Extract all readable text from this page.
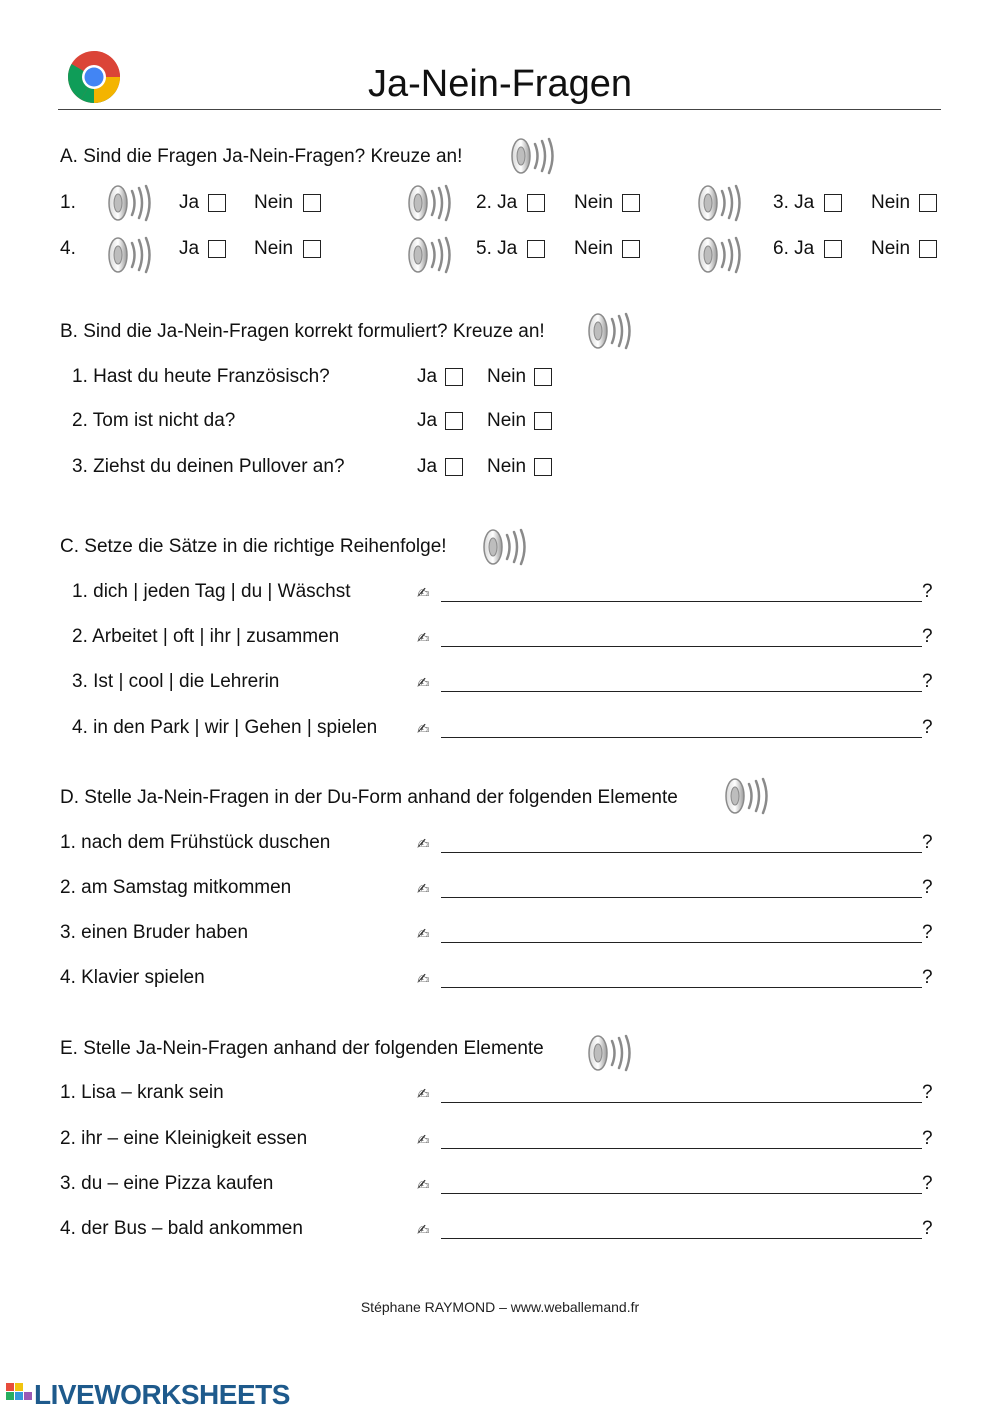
Ja-Nein-Fragen
A. Sind die Fragen Ja-Nein-Fragen? Kreuze an!
1.	Ja	Nein	2. Ja	Nein	3. Ja	Nein
4.	Ja	Nein	5. Ja	Nein	6. Ja	Nein
B. Sind die Ja-Nein-Fragen korrekt formuliert? Kreuze an!
1. Hast du heute Französisch?	Ja	Nein
2. Tom ist nicht da?	Ja	Nein
3. Ziehst du deinen Pullover an?	Ja	Nein
C. Setze die Sätze in die richtige Reihenfolge!
1. dich | jeden Tag | du | Wäschst	✍	?
2. Arbeitet | oft | ihr | zusammen	✍	?
3. Ist | cool | die Lehrerin	✍	?
4. in den Park | wir | Gehen | spielen	✍	?
D. Stelle Ja-Nein-Fragen in der Du-Form anhand der folgenden Elemente
1. nach dem Frühstück duschen	✍	?
2. am Samstag mitkommen	✍	?
3. einen Bruder haben	✍	?
4. Klavier spielen	✍	?
E. Stelle Ja-Nein-Fragen anhand der folgenden Elemente
1. Lisa – krank sein	✍	?
2. ihr – eine Kleinigkeit essen	✍	?
3. du – eine Pizza kaufen	✍	?
4. der Bus – bald ankommen	✍	?
Stéphane RAYMOND – www.weballemand.fr
LIVEWORKSHEETS
